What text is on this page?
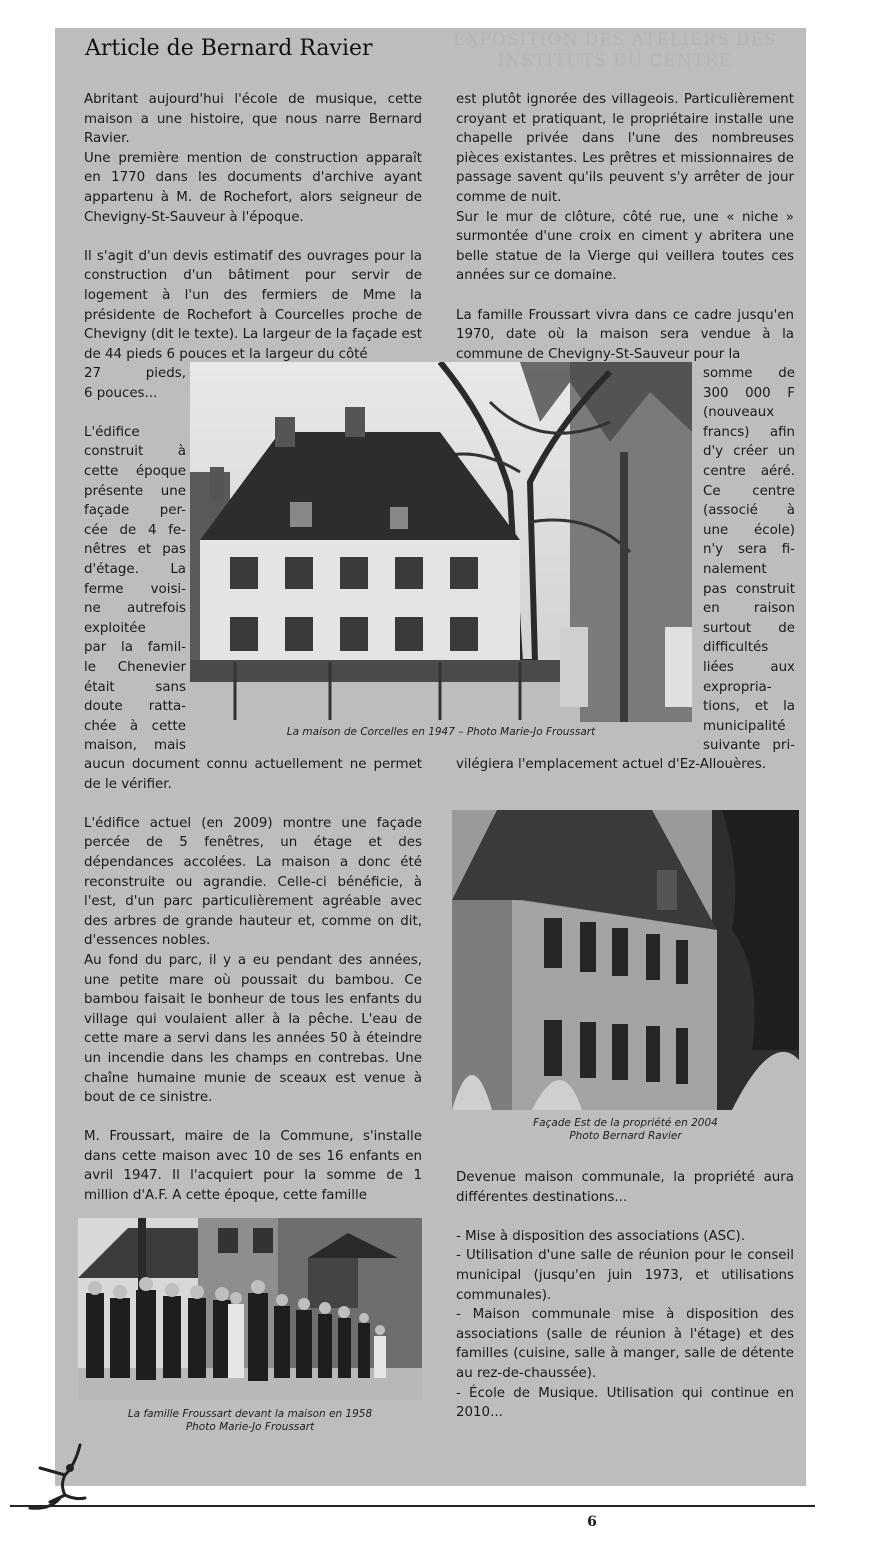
EXPOSITION DES ATELIERS DES INSTITUTS DU CENTRE
Article de Bernard Ravier

Abritant aujourd'hui l'école de musique, cette maison a une histoire, que nous narre Bernard Ravier.

Une première mention de construction apparaît en 1770 dans les documents d'archive ayant appartenu à M. de Rochefort, alors seigneur de Chevigny-St-Sauveur à l'époque.

Il s'agit d'un devis estimatif des ouvrages pour la construction d'un bâtiment pour servir de logement à l'un des fermiers de Mme la présidente de Rochefort à Courcelles proche de Chevigny (dit le texte). La largeur de la façade est de 44 pieds 6 pouces et la largeur du côté

27 pieds,

6 pouces...

L'édifice

construit à

cette époque

présente une

façade per-

cée de 4 fe-

nêtres et pas

d'étage. La

ferme voisi-

ne autrefois

exploitée

par la famil-

le Chenevier

était sans

doute ratta-

chée à cette

maison, mais

aucun document connu actuellement ne permet de le vérifier.

L'édifice actuel (en 2009) montre une façade percée de 5 fenêtres, un étage et des dépendances accolées. La maison a donc été reconstruite ou agrandie. Celle-ci bénéficie, à l'est, d'un parc particulièrement agréable avec des arbres de grande hauteur et, comme on dit, d'essences nobles.

Au fond du parc, il y a eu pendant des années, une petite mare où poussait du bambou. Ce bambou faisait le bonheur de tous les enfants du village qui voulaient aller à la pêche. L'eau de cette mare a servi dans les années 50 à éteindre un incendie dans les champs en contrebas. Une chaîne humaine munie de sceaux est venue à bout de ce sinistre.

M. Froussart, maire de la Commune, s'installe dans cette maison avec 10 de ses 16 enfants en avril 1947. Il l'acquiert pour la somme de 1 million d'A.F. A cette époque, cette famille

est plutôt ignorée des villageois. Particulièrement croyant et pratiquant, le propriétaire installe une chapelle privée dans l'une des nombreuses pièces existantes. Les prêtres et missionnaires de passage savent qu'ils peuvent s'y arrêter de jour comme de nuit.

Sur le mur de clôture, côté rue, une « niche » surmontée d'une croix en ciment y abritera une belle statue de la Vierge qui veillera toutes ces années sur ce domaine.

La famille Froussart vivra dans ce cadre jusqu'en 1970, date où la maison sera vendue à la commune de Chevigny-St-Sauveur pour la

somme de

300 000 F

(nouveaux

francs) afin

d'y créer un

centre aéré.

Ce centre

(associé à

une école)

n'y sera fi-

nalement

pas construit

en raison

surtout de

difficultés

liées aux

expropria-

tions, et la

municipalité

suivante pri-

vilégiera l'emplacement actuel d'Ez-Allouères.

Devenue maison communale, la propriété aura différentes destinations...

- Mise à disposition des associations (ASC).

- Utilisation d'une salle de réunion pour le conseil municipal (jusqu'en juin 1973, et utilisations communales).

- Maison communale mise à disposition des associations (salle de réunion à l'étage) et des familles (cuisine, salle à manger, salle de détente au rez-de-chaussée).

- École de Musique. Utilisation qui continue en 2010...

La maison de Corcelles en 1947 – Photo Marie-Jo Froussart
Façade Est de la propriété en 2004
Photo Bernard Ravier
La famille Froussart devant la maison en 1958
Photo Marie-Jo Froussart
6
